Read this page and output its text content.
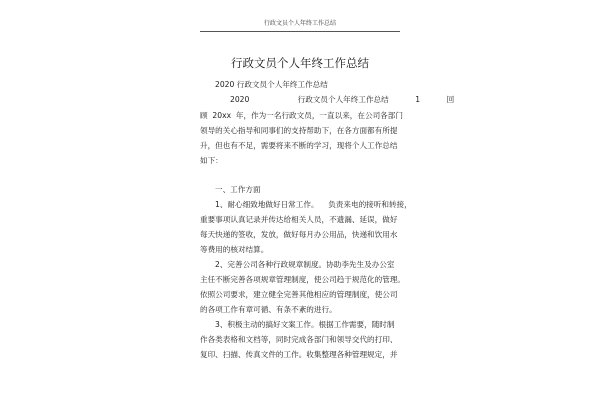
行政文员个人年终工作总结
行政文员个人年终工作总结
2020 行政文员个人年终工作总结
2020                    行政文员个人年终工作总结           1           回
顾  20xx  年，作为一名行政文员，一直以来，在公司各部门
领导的关心指导和同事们的支持帮助下，在各方面都有所提
升，但也有不足，需要将来不断的学习，现将个人工作总结
如下：
一、工作方面
1、耐心细致地做好日常工作。    负责来电的接听和转接，
重要事项认真记录并传达给相关人员，不遗漏、延误，做好
每天快递的签收，发放，做好每月办公用品，快递和饮用水
等费用的核对结算。
2、完善公司各种行政规章制度。协助李先生及办公室
主任不断完善各项规章管理制度，使公司趋于规范化的管理。
依照公司要求，建立健全完善其他相应的管理制度，使公司
的各项工作有章可循、有条不紊的进行。
3、积极主动的搞好文案工作。根据工作需要，随时制
作各类表格和文档等，同时完成各部门和领导交代的打印、
复印、扫描、传真文件的工作。收集整理各种管理规定，并
